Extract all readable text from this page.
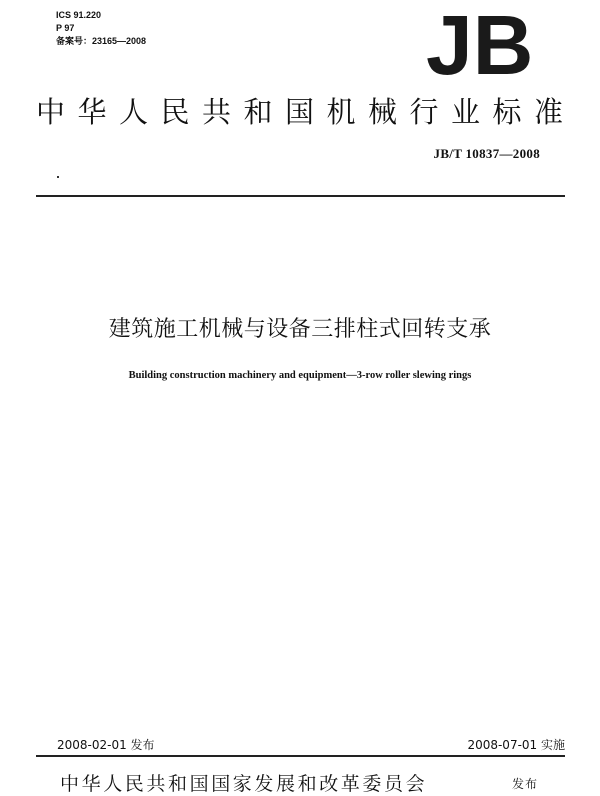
ICS 91.220
P 97
备案号：23165—2008	JB
中华人民共和国机械行业标准
JB/T 10837—2008
建筑施工机械与设备三排柱式回转支承
Building construction machinery and equipment—3-row roller slewing rings
2008-02-01 发布	2008-07-01 实施
中华人民共和国国家发展和改革委员会	发布
